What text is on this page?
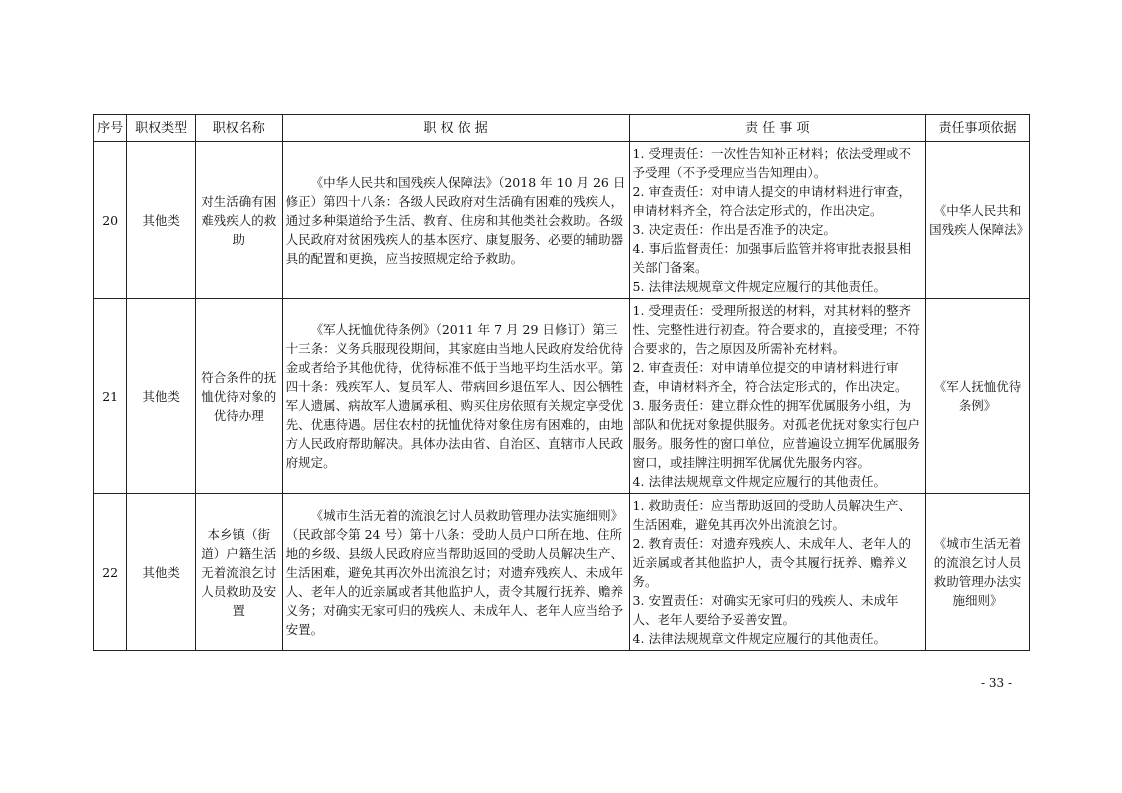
序号	职权类型	职权名称	职 权 依 据	责 任 事 项	责任事项依据
20	其他类	对生活确有困难残疾人的救助	《中华人民共和国残疾人保障法》（2018 年 10 月 26 日修正）第四十八条：各级人民政府对生活确有困难的残疾人，通过多种渠道给予生活、教育、住房和其他类社会救助。各级人民政府对贫困残疾人的基本医疗、康复服务、必要的辅助器具的配置和更换，应当按照规定给予救助。	1. 受理责任：一次性告知补正材料；依法受理或不予受理（不予受理应当告知理由）。
2. 审查责任：对申请人提交的申请材料进行审查，申请材料齐全，符合法定形式的，作出决定。
3. 决定责任：作出是否准予的决定。
4. 事后监督责任：加强事后监管并将审批表报县相关部门备案。
5. 法律法规规章文件规定应履行的其他责任。	《中华人民共和国残疾人保障法》
21	其他类	符合条件的抚恤优待对象的优待办理	《军人抚恤优待条例》（2011 年 7 月 29 日修订）第三十三条：义务兵服现役期间，其家庭由当地人民政府发给优待金或者给予其他优待，优待标准不低于当地平均生活水平。第四十条：残疾军人、复员军人、带病回乡退伍军人、因公牺牲军人遗属、病故军人遗属承租、购买住房依照有关规定享受优先、优惠待遇。居住农村的抚恤优待对象住房有困难的，由地方人民政府帮助解决。具体办法由省、自治区、直辖市人民政府规定。	1. 受理责任：受理所报送的材料，对其材料的整齐性、完整性进行初查。符合要求的，直接受理；不符合要求的，告之原因及所需补充材料。
2. 审查责任：对申请单位提交的申请材料进行审查，申请材料齐全，符合法定形式的，作出决定。
3. 服务责任：建立群众性的拥军优属服务小组，为部队和优抚对象提供服务。对孤老优抚对象实行包户服务。服务性的窗口单位，应普遍设立拥军优属服务窗口，或挂牌注明拥军优属优先服务内容。
4. 法律法规规章文件规定应履行的其他责任。	《军人抚恤优待条例》
22	其他类	本乡镇（街道）户籍生活无着流浪乞讨人员救助及安置	《城市生活无着的流浪乞讨人员救助管理办法实施细则》（民政部令第 24 号）第十八条：受助人员户口所在地、住所地的乡级、县级人民政府应当帮助返回的受助人员解决生产、生活困难，避免其再次外出流浪乞讨；对遗弃残疾人、未成年人、老年人的近亲属或者其他监护人，责令其履行抚养、赡养义务；对确实无家可归的残疾人、未成年人、老年人应当给予安置。	1. 救助责任：应当帮助返回的受助人员解决生产、生活困难，避免其再次外出流浪乞讨。
2. 教育责任：对遗弃残疾人、未成年人、老年人的近亲属或者其他监护人，责令其履行抚养、赡养义务。
3. 安置责任：对确实无家可归的残疾人、未成年人、老年人要给予妥善安置。
4. 法律法规规章文件规定应履行的其他责任。	《城市生活无着的流浪乞讨人员救助管理办法实施细则》
- 33 -
